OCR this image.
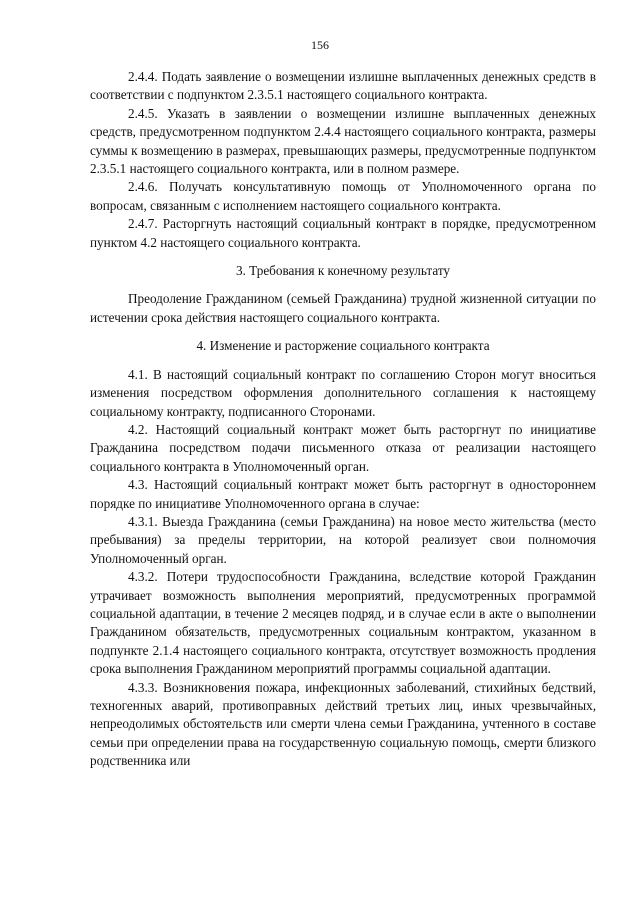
156

2.4.4. Подать заявление о возмещении излишне выплаченных денежных средств в соответствии с подпунктом 2.3.5.1 настоящего социального контракта.

2.4.5. Указать в заявлении о возмещении излишне выплаченных денежных средств, предусмотренном подпунктом 2.4.4 настоящего социального контракта, размеры суммы к возмещению в размерах, превышающих размеры, предусмотренные подпунктом 2.3.5.1 настоящего социального контракта, или в полном размере.

2.4.6. Получать консультативную помощь от Уполномоченного органа по вопросам, связанным с исполнением настоящего социального контракта.

2.4.7. Расторгнуть настоящий социальный контракт в порядке, предусмотренном пунктом 4.2 настоящего социального контракта.

3. Требования к конечному результату

Преодоление Гражданином (семьей Гражданина) трудной жизненной ситуации по истечении срока действия настоящего социального контракта.

4. Изменение и расторжение социального контракта

4.1. В настоящий социальный контракт по соглашению Сторон могут вноситься изменения посредством оформления дополнительного соглашения к настоящему социальному контракту, подписанного Сторонами.

4.2. Настоящий социальный контракт может быть расторгнут по инициативе Гражданина посредством подачи письменного отказа от реализации настоящего социального контракта в Уполномоченный орган.

4.3. Настоящий социальный контракт может быть расторгнут в одностороннем порядке по инициативе Уполномоченного органа в случае:

4.3.1. Выезда Гражданина (семьи Гражданина) на новое место жительства (место пребывания) за пределы территории, на которой реализует свои полномочия Уполномоченный орган.

4.3.2. Потери трудоспособности Гражданина, вследствие которой Гражданин утрачивает возможность выполнения мероприятий, предусмотренных программой социальной адаптации, в течение 2 месяцев подряд, и в случае если в акте о выполнении Гражданином обязательств, предусмотренных социальным контрактом, указанном в подпункте 2.1.4 настоящего социального контракта, отсутствует возможность продления срока выполнения Гражданином мероприятий программы социальной адаптации.

4.3.3. Возникновения пожара, инфекционных заболеваний, стихийных бедствий, техногенных аварий, противоправных действий третьих лиц, иных чрезвычайных, непреодолимых обстоятельств или смерти члена семьи Гражданина, учтенного в составе семьи при определении права на государственную социальную помощь, смерти близкого родственника или
